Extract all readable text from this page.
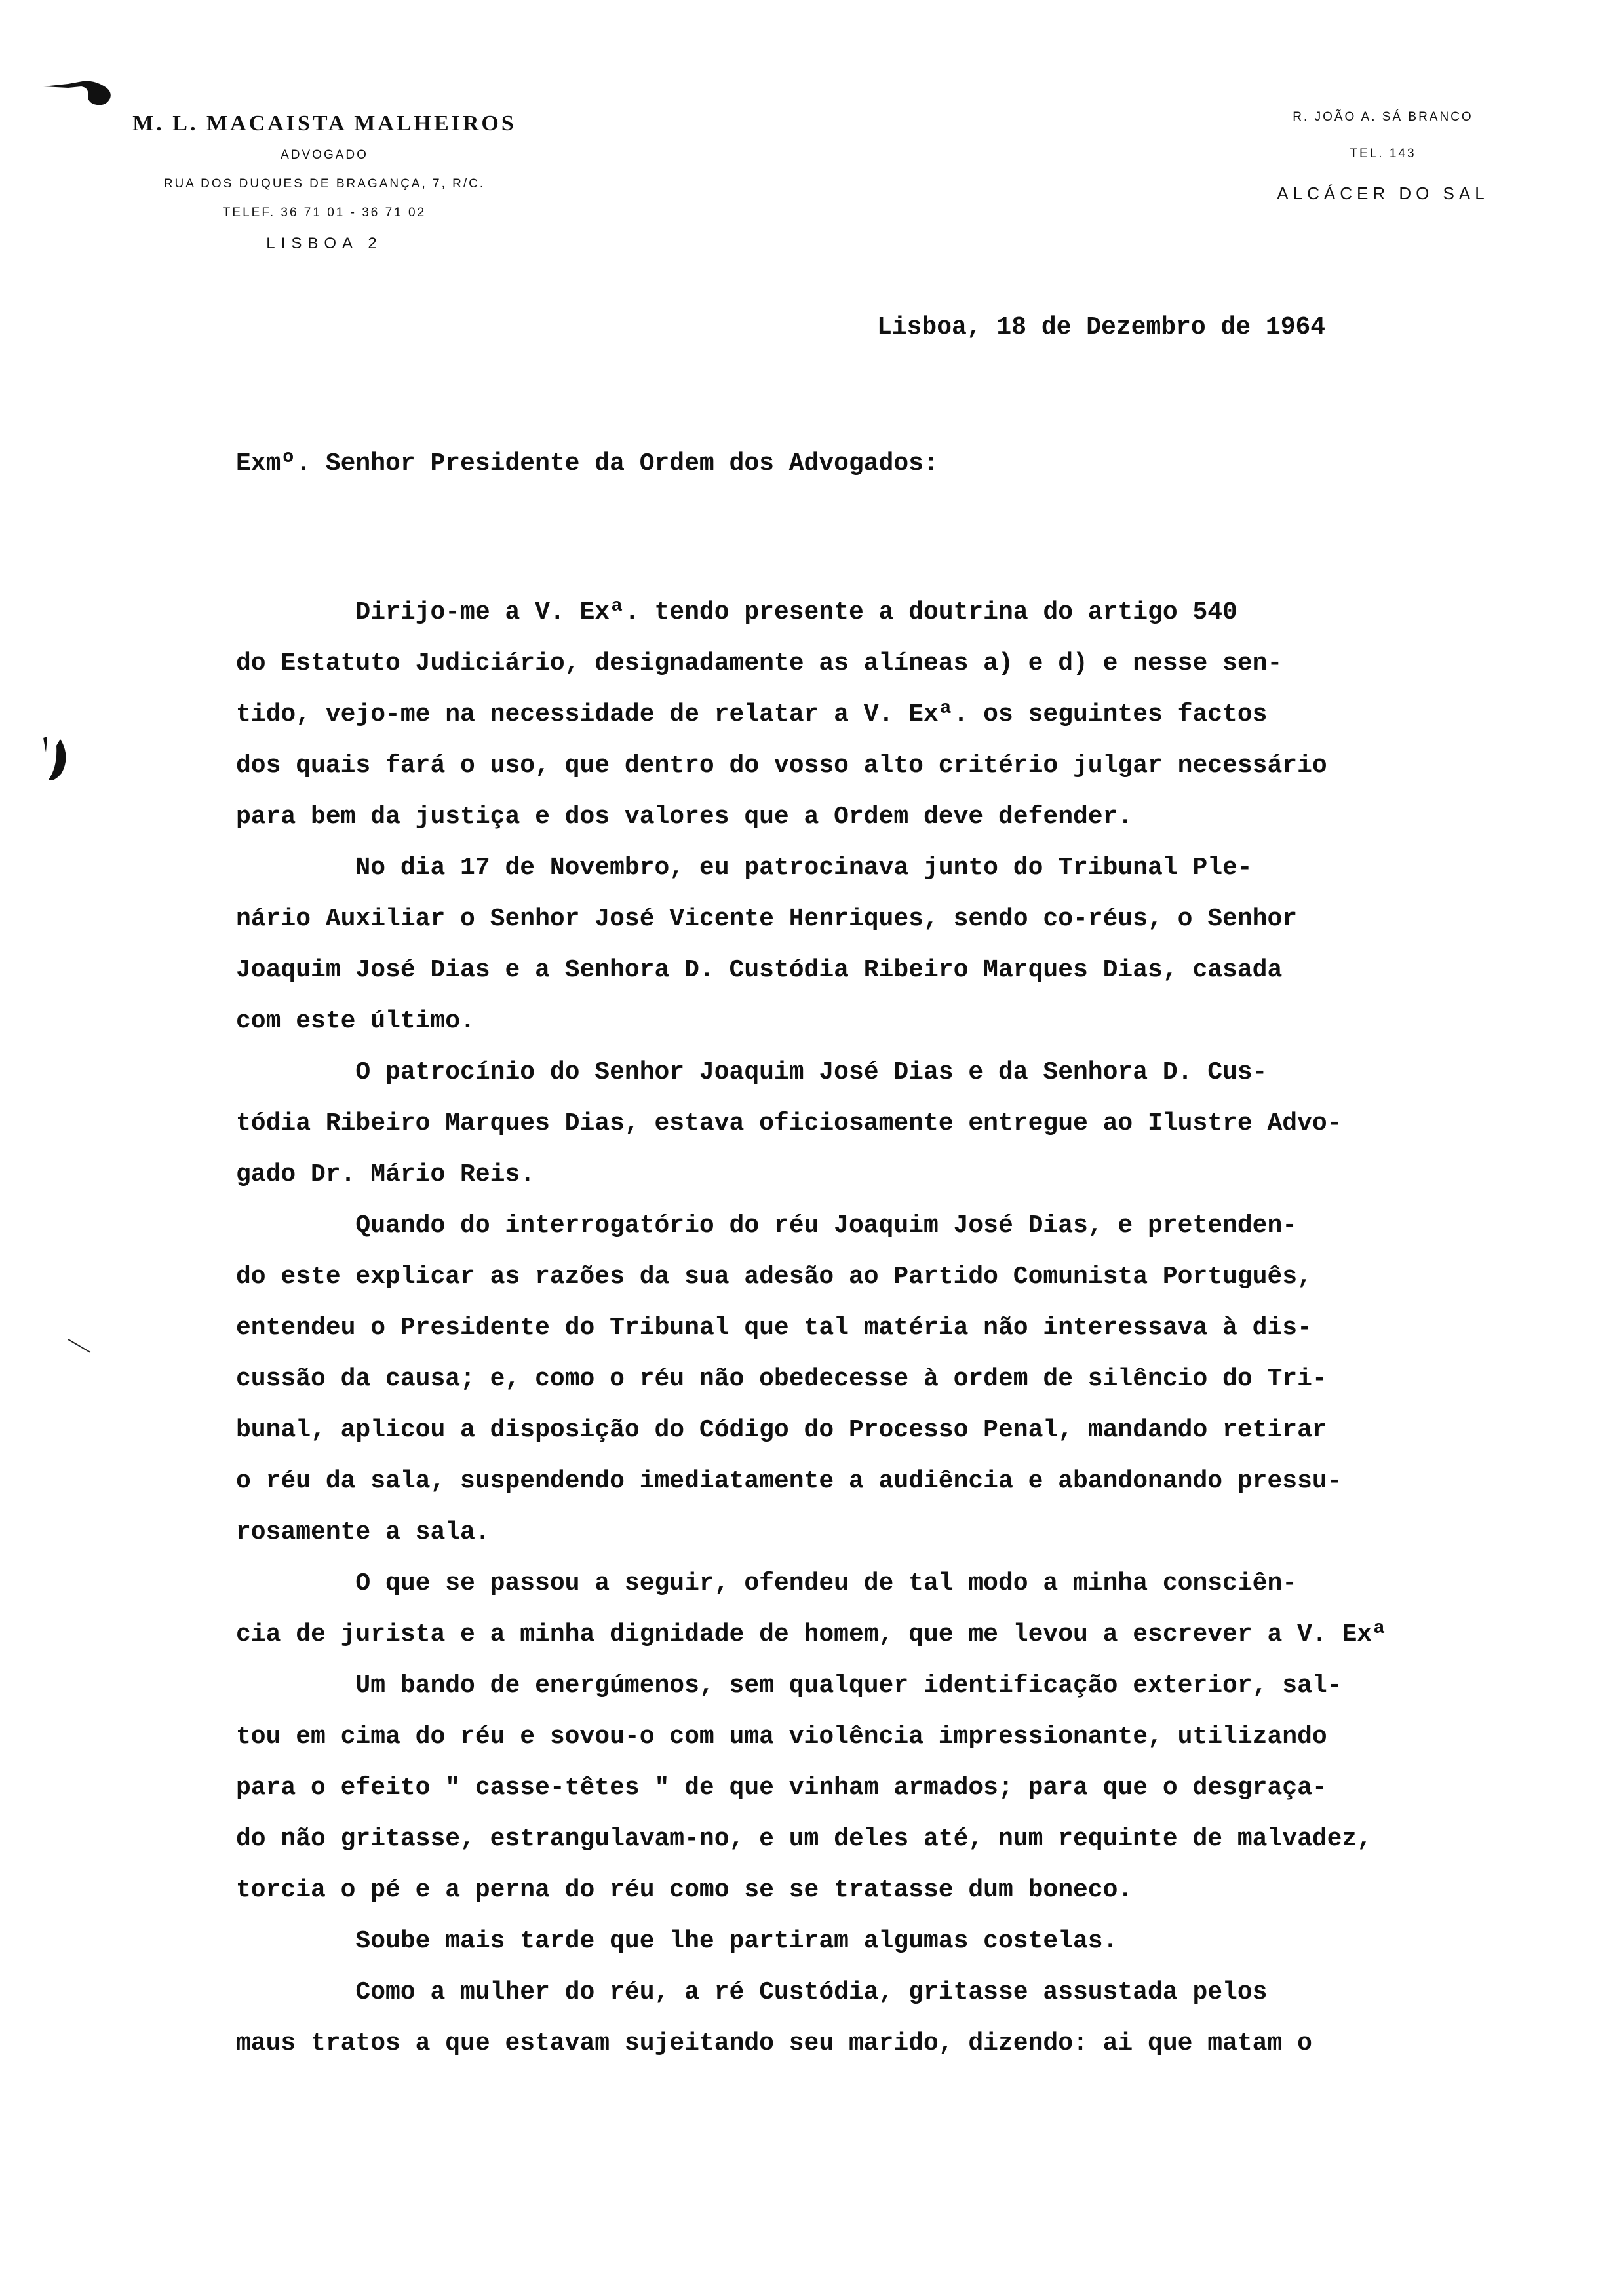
M. L. MACAISTA MALHEIROS
ADVOGADO
RUA DOS DUQUES DE BRAGANÇA, 7, R/C.
TELEF. 36 71 01 - 36 71 02
LISBOA 2
R. JOÃO A. SÁ BRANCO
TEL. 143
ALCÁCER DO SAL
Lisboa, 18 de Dezembro de 1964
Exmº. Senhor Presidente da Ordem dos Advogados:
Dirijo-me a V. Exª. tendo presente a doutrina do artigo 540
do Estatuto Judiciário, designadamente as alíneas a) e d) e nesse sen-
tido, vejo-me na necessidade de relatar a V. Exª. os seguintes factos
dos quais fará o uso, que dentro do vosso alto critério julgar necessário
para bem da justiça e dos valores que a Ordem deve defender.
No dia 17 de Novembro, eu patrocinava junto do Tribunal Ple-
nário Auxiliar o Senhor José Vicente Henriques, sendo co-réus, o Senhor
Joaquim José Dias e a Senhora D. Custódia Ribeiro Marques Dias, casada
com este último.
O patrocínio do Senhor Joaquim José Dias e da Senhora D. Cus-
tódia Ribeiro Marques Dias, estava oficiosamente entregue ao Ilustre Advo-
gado Dr. Mário Reis.
Quando do interrogatório do réu Joaquim José Dias, e pretenden-
do este explicar as razões da sua adesão ao Partido Comunista Português,
entendeu o Presidente do Tribunal que tal matéria não interessava à dis-
cussão da causa; e, como o réu não obedecesse à ordem de silêncio do Tri-
bunal, aplicou a disposição do Código do Processo Penal, mandando retirar
o réu da sala, suspendendo imediatamente a audiência e abandonando pressu-
rosamente a sala.
O que se passou a seguir, ofendeu de tal modo a minha consciên-
cia de jurista e a minha dignidade de homem, que me levou a escrever a V. Exª
Um bando de energúmenos, sem qualquer identificação exterior, sal-
tou em cima do réu e sovou-o com uma violência impressionante, utilizando
para o efeito " casse-têtes " de que vinham armados; para que o desgraça-
do não gritasse, estrangulavam-no, e um deles até, num requinte de malvadez,
torcia o pé e a perna do réu como se se tratasse dum boneco.
Soube mais tarde que lhe partiram algumas costelas.
Como a mulher do réu, a ré Custódia, gritasse assustada pelos
maus tratos a que estavam sujeitando seu marido, dizendo: ai que matam o
